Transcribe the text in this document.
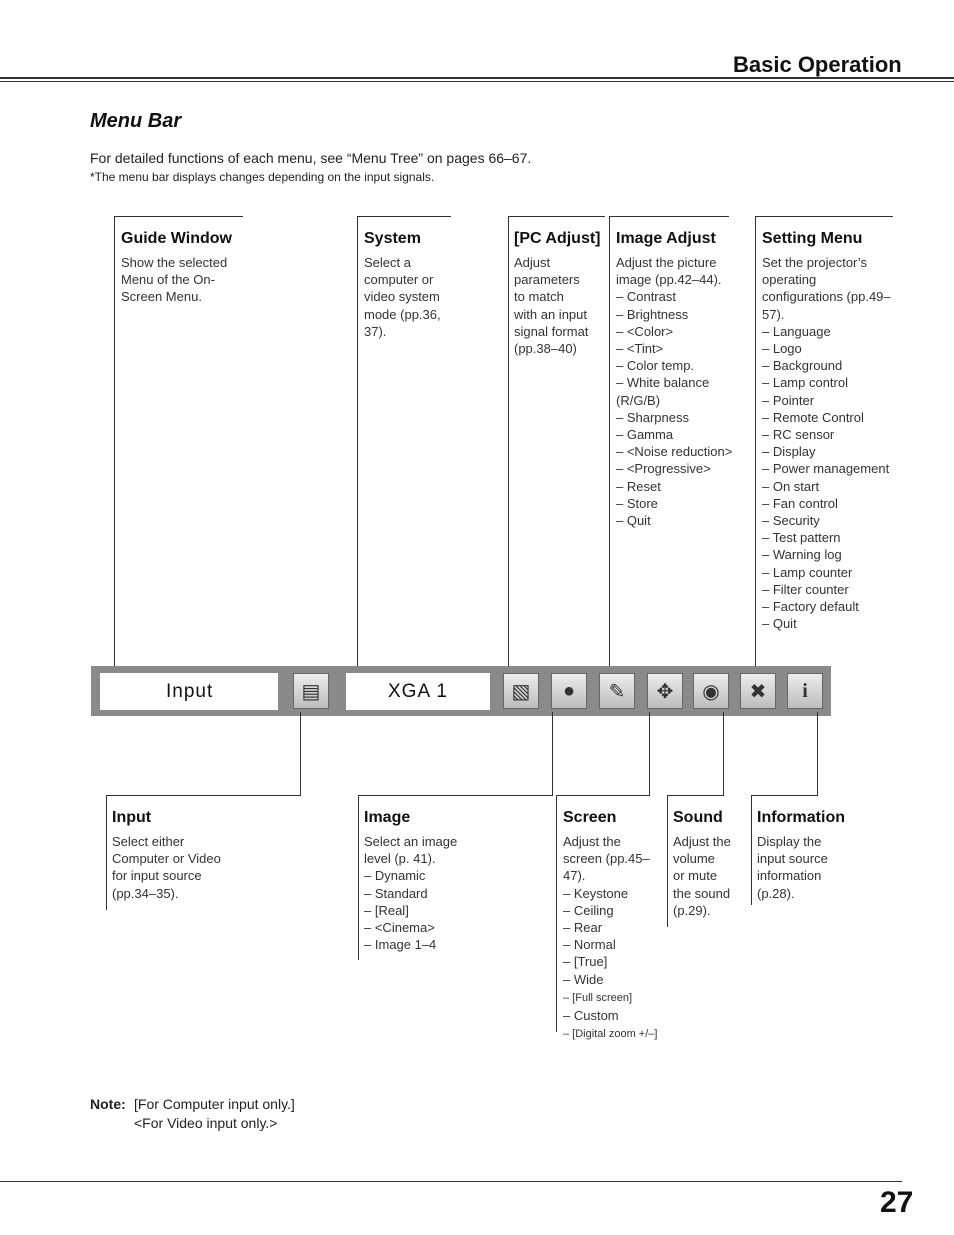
Basic Operation
Menu Bar
For detailed functions of each menu, see “Menu Tree” on pages 66–67.
*The menu bar displays changes depending on the input signals.
Guide Window
Show the selected
Menu of the On-
Screen Menu.
System
Select a
computer or
video system
mode (pp.36,
37).
[PC Adjust]
Adjust
parameters
to match
with an input
signal format
(pp.38–40)
Image Adjust
Adjust the picture
image (pp.42–44).
– Contrast
– Brightness
– <Color>
– <Tint>
– Color temp.
– White balance
(R/G/B)
– Sharpness
– Gamma
– <Noise reduction>
– <Progressive>
– Reset
– Store
– Quit
Setting Menu
Set the projector’s
operating
configurations (pp.49–
57).
– Language
– Logo
– Background
– Lamp control
– Pointer
– Remote Control
– RC sensor
– Display
– Power management
– On start
– Fan control
– Security
– Test pattern
– Warning log
– Lamp counter
– Filter counter
– Factory default
– Quit
Input	▤	XGA 1	▧	●	✎	✥	◉	✖	i
Input
Select either
Computer or Video
for input source
(pp.34–35).
Image
Select an image
level (p. 41).
– Dynamic
– Standard
– [Real]
– <Cinema>
– Image 1–4
Screen
Adjust the
screen (pp.45–
47).
– Keystone
– Ceiling
– Rear
– Normal
– [True]
– Wide
– [Full screen]
– Custom
– [Digital zoom +/–]
Sound
Adjust the
volume
or mute
the sound
(p.29).
Information
Display the
input source
information
(p.28).
Note: [For Computer input only.]
<For Video input only.>
27
